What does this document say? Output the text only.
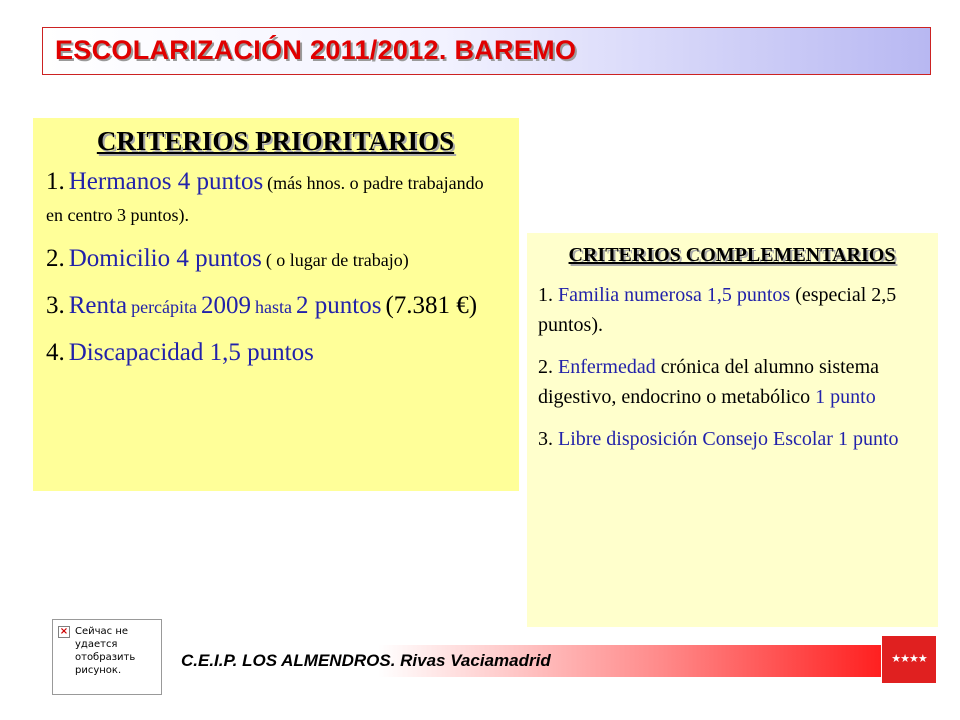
ESCOLARIZACIÓN 2011/2012. BAREMO
CRITERIOS PRIORITARIOS
1. Hermanos 4 puntos (más hnos. o padre trabajando en centro 3 puntos).
2. Domicilio 4 puntos ( o lugar de trabajo)
3. Renta percápita 2009 hasta 2 puntos (7.381 €)
4. Discapacidad 1,5 puntos
CRITERIOS COMPLEMENTARIOS
1. Familia numerosa 1,5 puntos (especial 2,5 puntos).
2. Enfermedad crónica del alumno sistema digestivo, endocrino o metabólico 1 punto
3. Libre disposición Consejo Escolar 1 punto
× Сейчас не удается отобразить рисунок.
C.E.I.P. LOS ALMENDROS. Rivas Vaciamadrid	★★★★
